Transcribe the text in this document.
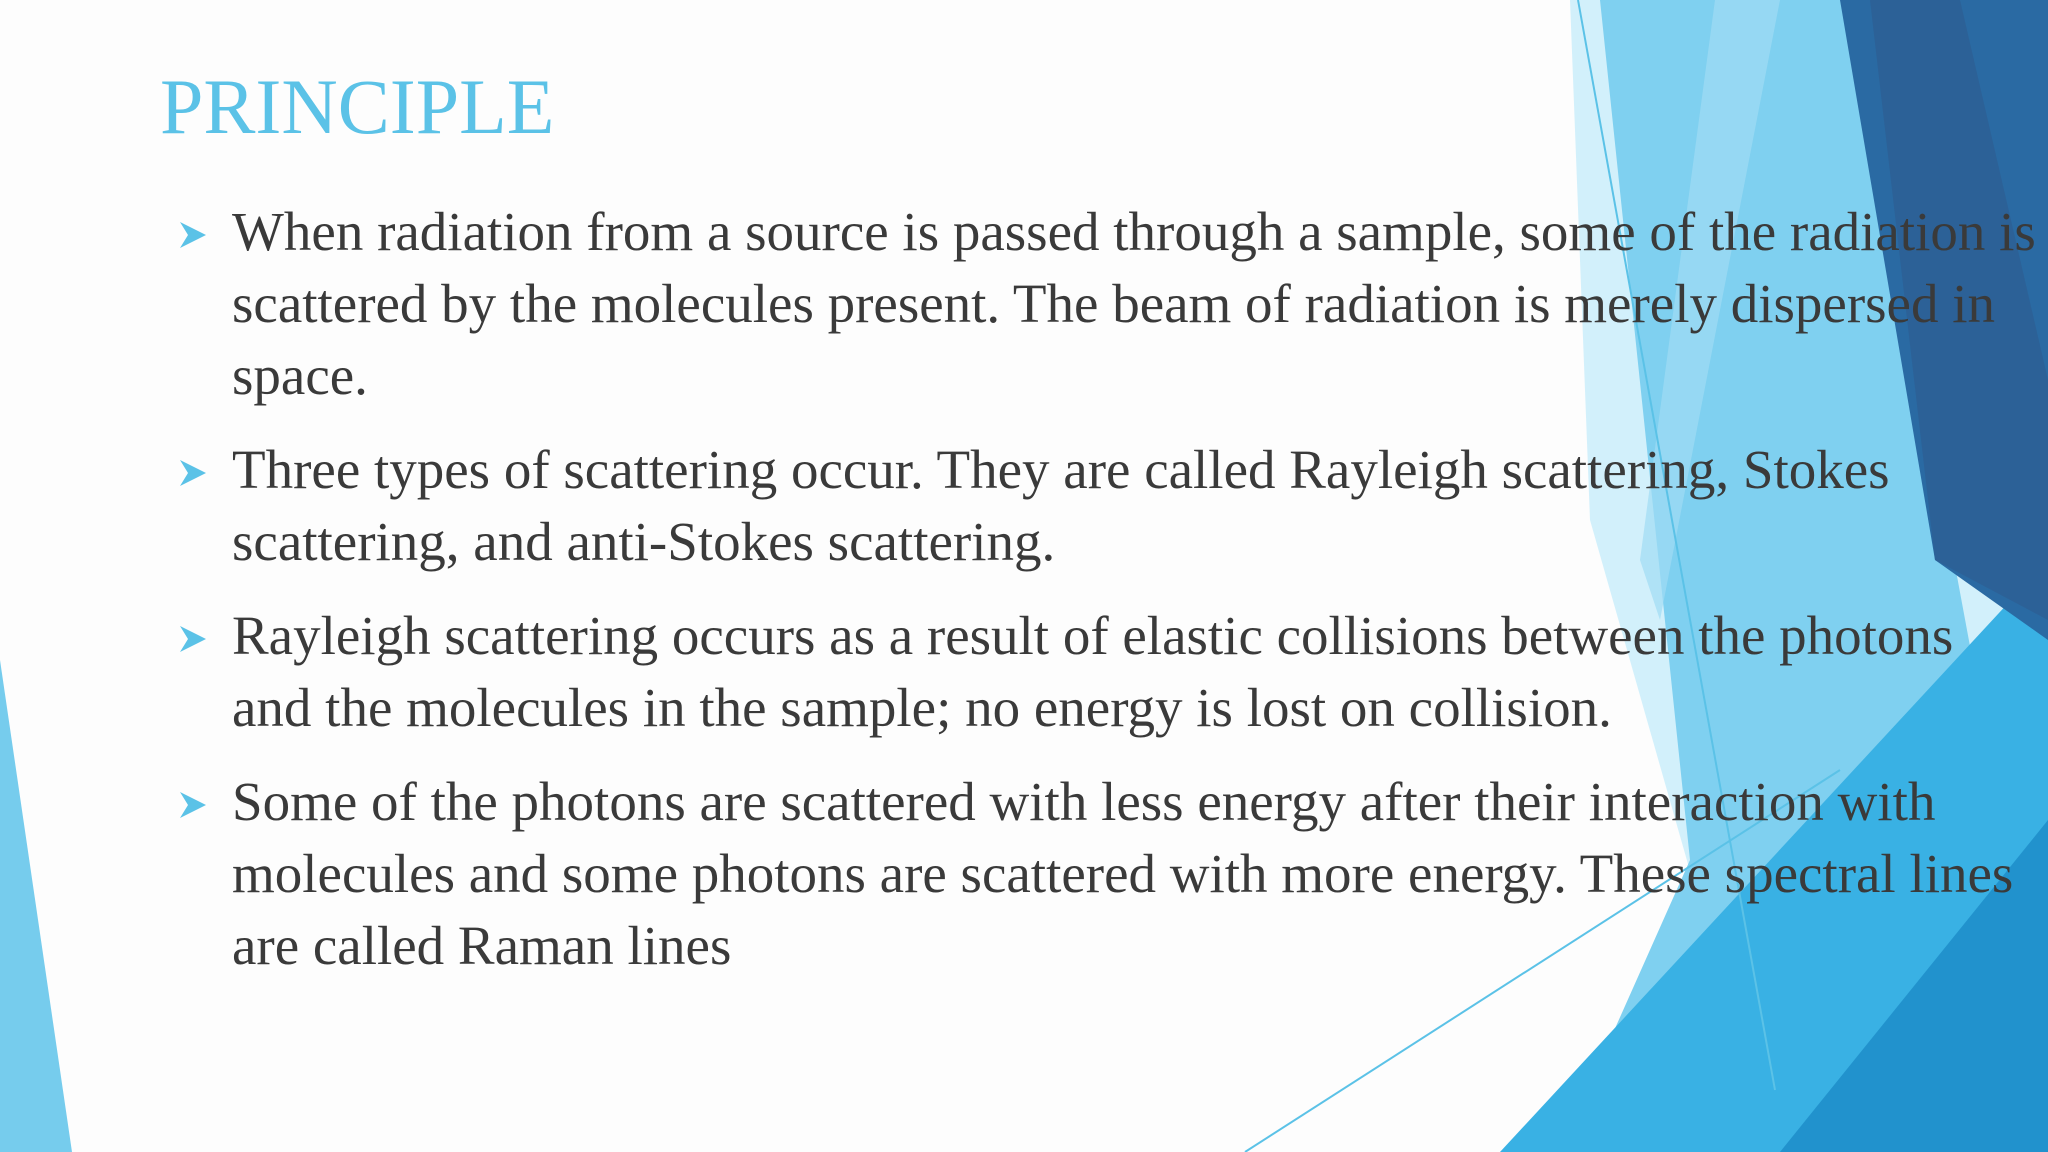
PRINCIPLE
When radiation from a source is passed through a sample, some of the radiation is scattered by the molecules present. The beam of radiation is merely dispersed in space.
Three types of scattering occur. They are called Rayleigh scattering, Stokes scattering, and anti-Stokes scattering.
Rayleigh scattering occurs as a result of elastic collisions between the photons and the molecules in the sample; no energy is lost on collision.
Some of the photons are scattered with less energy after their interaction with molecules and some photons are scattered with more energy. These spectral lines are called Raman lines
